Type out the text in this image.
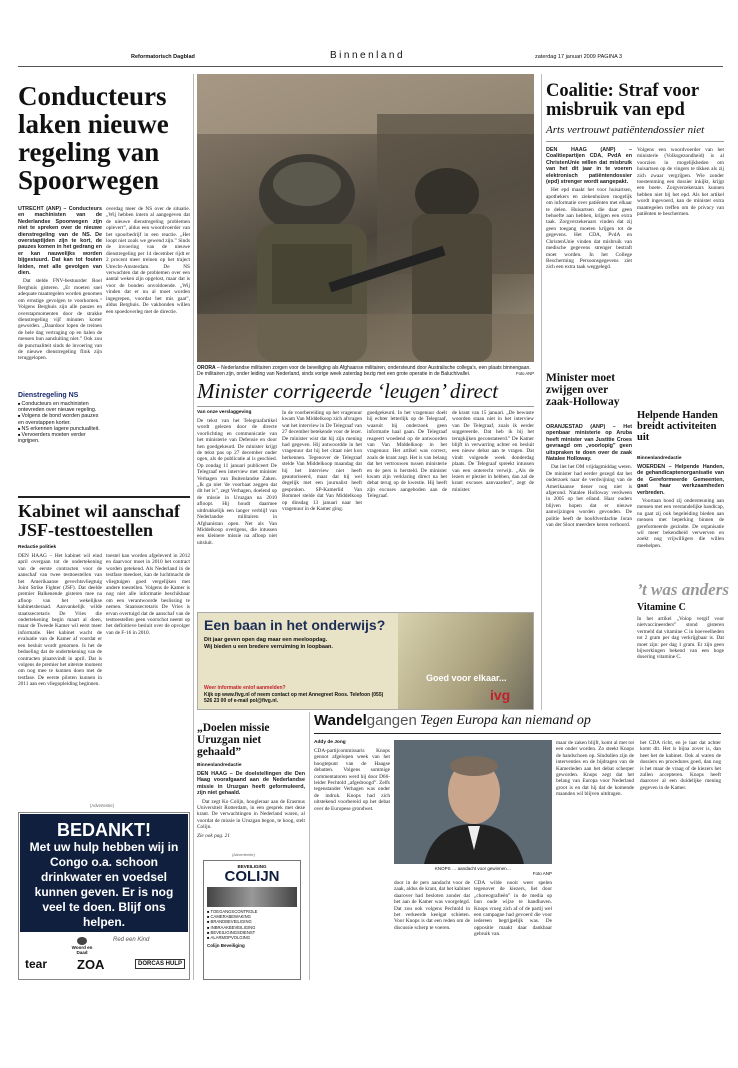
Reformatorisch Dagblad	Binnenland	zaterdag 17 januari 2009 PAGINA 3
Conducteurs laken nieuwe regeling van Spoorwegen
UTRECHT (ANP) – Conducteurs en machinisten van de Nederlandse Spoorwegen zijn niet te spreken over de nieuwe dienstregeling van de NS. De overstaptijden zijn te kort, de pauzes komen in het gedrang en er kan nauwelijks worden bijgestuurd. Dat kan tot fouten leiden, met alle gevolgen van dien.

Dat stelde FNV-bestuurder Roel Berghuis gisteren. „Er moeten snel adequate maatregelen worden genomen om ernstige gevolgen te voorkomen.” Volgens Berghuis zijn alle pauzes en overstapmomenten door de strakke dienstregeling vijf minuten korter geworden. „Daardoor lopen de treinen de hele dag vertraging op en halen de mensen hun aansluiting niet.” Ook zou de punctualiteit sinds de invoering van de nieuwe dienstregeling flink zijn teruggelopen.

Dienstregeling NS
■ Conducteurs en machinisten ontevreden over nieuwe regeling.
■ Volgens de bond worden pauzes en overstappen korter.
■ NS erkennen lagere punctualiteit.
■ Vervoerders moeten verder ingrijpen.

overdag meer de NS over de situatie. „Wij hebben intern al aangegeven dat de nieuwe dienstregeling problemen oplevert”, aldus een woordvoerder van het spoorbedrijf in een reactie. „Het loopt niet zoals we gewend zijn.” Sinds de invoering van de nieuwe dienstregeling per 14 december rijdt er 2 procent meer treinen op het traject Utrecht-Amsterdam. De NS verwachten dat de problemen over een aantal weken zijn opgelost, maar dat is voor de bonden onvoldoende. „Wij vinden dat er nu al moet worden ingegrepen, voordat het mis gaat”, aldus Berghuis. De vakbonden willen een spoedoverleg met de directie.

Kabinet wil aanschaf JSF-testtoestellen
Redactie politiek

DEN HAAG – Het kabinet wil eind april overgaan tot de ondertekening van de eerste contracten voor de aanschaf van twee testtoestellen van het Amerikaanse gevechtsvliegtuig Joint Strike Fighter (JSF). Dat deelde premier Balkenende gisteren mee na afloop van het wekelijkse kabinetsberaad. Aanvankelijk wilde staatssecretaris De Vries die ondertekening begin maart al doen, maar de Tweede Kamer wil eerst meer informatie. Het kabinet wacht de evaluatie van de Kamer af voordat er een besluit wordt genomen. Is het de bedoeling dat de ondertekening van de contracten plaatsvindt in april. Dat is volgens de premier het uiterste moment om nog mee te kunnen doen met de testfase. De eerste piloten kunnen in 2011 aan een vliegopleiding beginnen.

toestel kan worden afgeleverd in 2012 en daarvoor moet in 2010 het contract worden getekend. Als Nederland in de testfase meedoet, kan de luchtmacht de vliegtuigen goed vergelijken met andere toestellen. Volgens de Kamer is nog niet alle informatie beschikbaar om een verantwoorde beslissing te nemen. Staatssecretaris De Vries is ervan overtuigd dat de aanschaf van de testtoestellen geen voorschot neemt op het definitieve besluit over de opvolger van de F-16 in 2010.

(Advertentie)
BEDANKT!
Met uw hulp hebben wij in Congo o.a. schoon drinkwater en voedsel kunnen geven. Er is nog veel te doen. Blijf ons helpen.
Woord en Daad
Red een Kind
tear ZOA	DORCAS HULP
ORORA – Nederlandse militairen zorgen voor de beveiliging als Afghaanse militairen, ondersteund door Australische collega's, een plaats binnengaan. De militairen zijn, onder leiding van Nederland, sinds vorige week zaterdag bezig met een grote operatie in de Baluchivallei.	Foto ANP
Minister corrigeerde ‘leugen’ direct
Van onze verslaggeving

De tekst van het Telegraafartikel wordt gelezen door de directe voorlichting en communicatie van het ministerie van Defensie en door hen goedgekeurd. De minister krijgt de tekst pas op 27 december onder ogen, als de publicatie al is geschied. Op zondag 11 januari publiceert De Telegraaf een interview met minister Verhagen van Buitenlandse Zaken. „Ik ga niet 'de voorbaat zeggen dat dit het is”, zegt Verhagen, doelend op de missie in Uruzgan na 2010 afloopt. Hij houdt daarmee uitdrukkelijk een langer verblijf van Nederlandse militairen in Afghanistan open. Net als Van Middelkoop overigens, die intussen een kleinere missie na afloop niet uitsluit.

In de voorbereiding op het vragenuur kwam Van Middelkoop zich afvragen wat het interview in De Telegraaf van 27 december betekende voor de lezer. De minister wist dat hij zijn mening had gegeven. Hij antwoordde in het vragenuur dat hij het citaat niet kon herkennen. Tegenover de Telegraaf stelde Van Middelkoop maandag dat hij het interview niet heeft geautoriseerd, maar dat hij wel degelijk met een journalist heeft gesproken. SP-Kamerlid Van Bommel stelde dat Van Middelkoop op dinsdag 13 januari naar het vragenuur in de Kamer ging.

goedgekeurd. In het vragenuur doelt hij echter letterlijk op de Telegraaf, waaruit bij onderzoek geen informatie haal gaan. De Telegraaf reageert woedend op de antwoorden van Van Middelkoop in het vragenuur. Het artikel was correct, zoals de krant zegt. Het is van belang dat het vertrouwen tussen ministerie en de pers is hersteld. De minister kwam zijn verklaring direct na het debat terug op de kwestie. Hij heeft zijn excuses aangeboden aan de Telegraaf.

de krant van 15 januari. „De bewuste woorden staan niet in het interview van De Telegraaf, zoals ik eerder suggereerde. Dat heb ik bij het terugkijken geconstateerd.” De Kamer blijft in verwarring achter en besluit een nieuw debat aan te vragen. Dat vindt volgende week donderdag plaats. De Telegraaf spreekt intussen van een onterecht verwijt. „Als de lezers er plezier in hebben, dan zal de krant excuses aanvaarden”, zegt de minister.

Een baan in het onderwijs?
Dit jaar geven open dag maar een meeloopdag.
Wij bieden u een bredere verruiming in loopbaan.
Weer informatie en/of aanmelden?
Kijk op www.fivg.nl of neem contact op met Annegreet Roos. Telefoon (055) 526 23 00 of e-mail pol@fivg.nl.
Goed voor elkaar...
ivg
„Doelen missie Uruzgan niet gehaald”
Binnenlandredactie
DEN HAAG – De doelstellingen die Den Haag voorafgaand aan de Nederlandse missie in Uruzgan heeft geformuleerd, zijn niet gehaald.

Dat zegt Ko Colijn, hoogleraar aan de Erasmus Universiteit Rotterdam, in een gesprek met deze krant. De verwachtingen in Nederland waren, al voordat de missie in Uruzgan begon, te hoog, stelt Colijn.

Zie ook pag. 21
(Advertentie)
BEVEILIGING
COLIJN
■ TOEGANGSCONTROLE
■ CAMERABEWAKING
■ BRANDBEVEILIGING
■ INBRAAKBEVEILIGING
■ BEVEILIGINGSDIENST
■ ALARMOPVOLGING
Colijn Beveiliging
Wandelgangen Tegen Europa kan niemand op
Addy de Jong

CDA-partijcommissaris Knops genoot afgelopen week van het hoogtepunt van de Haagse debatten. Volgens sommige commentatoren werd hij door D66-leider Pechtold „afgedroogd”. Zelfs tegenstander Verhagen was onder de indruk. Knops had zich uitstekend voorbereid op het debat over de Europese grondwet.

KNOPS … aandacht voor gewinnen…
Foto ANP

door in de pers aandacht voor de zaak, aldus de krant, dat het kabinet daarover had besloten zonder dat het aan de Kamer was voorgelegd. Dat zou ook volgens Pechtold in het verkeerde keelgat schieten. Voor Knops is dat een reden om de discussie scherp te voeren.

CDA wilde nooit weer spelen tegenover de kiezers, liet door „choreografieën” in de media op hun oude wijze te handhaven. Knops vroeg zich af of de partij wel een campagne had gevoerd die voor iedereen begrijpelijk was. De oppositie maakt daar dankbaar gebruik van.

maar de zaken blijft, komt al met tot een onder worden. Zo steekt Knops de handschoen op. Sindsdien zijn de interventies en de bijdragen van de Kamerleden aan het debat scherper geworden. Knops zegt dat het belang van Europa voor Nederland groot is en dat hij dat de komende maanden wil blijven uitdragen.

het CDA richt, en je laat dat achter komt dit. Het is bijna zover is, dan heet het de kabinet. Ook al waren de dossiers en procedures goed, dan nog is het maar de vraag of de kiezers het zullen accepteren. Knops heeft daarover al een duidelijke mening gegeven in de Kamer.

Coalitie: Straf voor misbruik van epd
Arts vertrouwt patiëntendossier niet
DEN HAAG (ANP) – Coalitiepartijen CDA, PvdA en ChristenUnie willen dat misbruik van het dit jaar in te voeren elektronisch patiëntendossier (epd) strenger wordt aangepakt.

Het epd maakt het voor huisartsen, apothekers en ziekenhuizen mogelijk om informatie over patiënten met elkaar te delen. Huisartsen die daar geen behoefte aan hebben, krijgen een extra taak. Zorgverzekeraars vinden dat zij geen toegang moeten krijgen tot de gegevens. Het CDA, PvdA en ChristenUnie vinden dat misbruik van medische gegevens strenger bestraft moet worden. In het College Bescherming Persoonsgegevens ziet zich een extra taak weggelegd.

Volgens een woordvoerder van het ministerie (Volksgezondheid) is al voorzien in mogelijkheden om huisartsen op de vingers te tikken als zij zich zwaar vergrijpen. Wie zonder toestemming een dossier inkijkt, krijgt een boete. Zorgverzekeraars kunnen hebben niet bij het epd. Als het artikel wordt ingevoerd, kan de minister extra maatregelen treffen om de privacy van patiënten te beschermen.

Minister moet zwijgen over zaak-Holloway
ORANJESTAD (ANP) – Het openbaar ministerie op Aruba heeft minister van Justitie Croes gevraagd om „voorlopig” geen uitspraken te doen over de zaak Natalee Holloway.

Dat liet het OM vrijdagmiddag weten. De minister had eerder gezegd dat het onderzoek naar de verdwijning van de Amerikaanse tiener nog niet is afgerond. Natalee Holloway verdween in 2005 op het eiland. Haar ouders blijven hopen dat er nieuwe aanwijzingen worden gevonden. De politie heeft de hoofdverdachte Joran van der Sloot meerdere keren verhoord.

Helpende Handen breidt activiteiten uit
Binnenlandredactie
WOERDEN – Helpende Handen, de gehandicaptenorganisatie van de Gereformeerde Gemeenten, gaat haar werkzaamheden verbreden.

Voortaan bood zij ondersteuning aan mensen met een verstandelijke handicap, nu gaat zij ook begeleiding bieden aan mensen met beperking binnen de gereformeerde gezindte. De organisatie wil meer bekendheid verwerven en zoekt nog vrijwilligers die willen meehelpen.

’t was anders
Vitamine C

In het artikel „Volop vergif voor nietvaccineerders” stond gisteren vermeld dat vitamine C in hoeveelheden tot 2 gram per dag verkrijgbaar is. Dat moet zijn: per dag 1 gram. Er zijn geen bijwerkingen bekend van een hoge dosering vitamine C.
